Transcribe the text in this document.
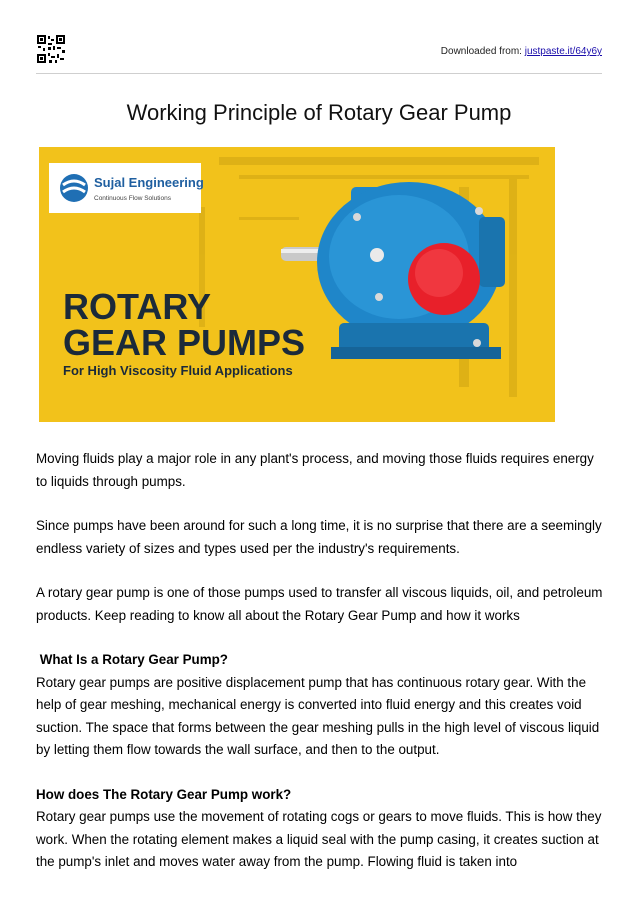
Downloaded from: justpaste.it/64y6y
Working Principle of Rotary Gear Pump
Sujal Engineering
Continuous Flow Solutions
ROTARY
GEAR PUMPS
For High Viscosity Fluid Applications

Moving fluids play a major role in any plant's process, and moving those fluids requires energy to liquids through pumps.

Since pumps have been around for such a long time, it is no surprise that there are a seemingly endless variety of sizes and types used per the industry's requirements.

A rotary gear pump is one of those pumps used to transfer all viscous liquids, oil, and petroleum products. Keep reading to know all about the Rotary Gear Pump and how it works

What Is a Rotary Gear Pump?

Rotary gear pumps are positive displacement pump that has continuous rotary gear. With the help of gear meshing, mechanical energy is converted into fluid energy and this creates void suction. The space that forms between the gear meshing pulls in the high level of viscous liquid by letting them flow towards the wall surface, and then to the output.

How does The Rotary Gear Pump work?

Rotary gear pumps use the movement of rotating cogs or gears to move fluids. This is how they work. When the rotating element makes a liquid seal with the pump casing, it creates suction at the pump's inlet and moves water away from the pump. Flowing fluid is taken into
